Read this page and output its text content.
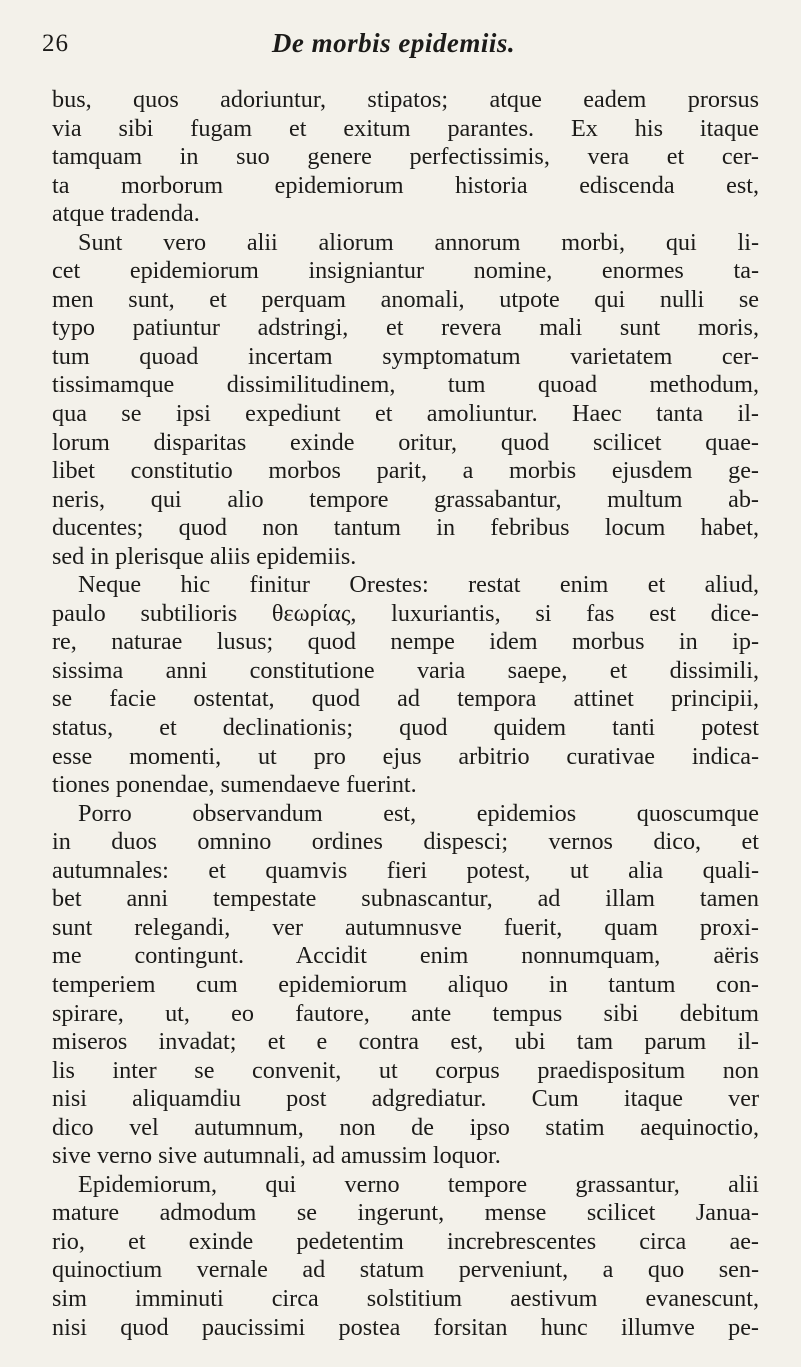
26	De morbis epidemiis.
bus, quos adoriuntur, stipatos; atque eadem prorsus
via sibi fugam et exitum parantes. Ex his itaque
tamquam in suo genere perfectissimis, vera et cer-
ta morborum epidemiorum historia ediscenda est,
atque tradenda.
Sunt vero alii aliorum annorum morbi, qui li-
cet epidemiorum insigniantur nomine, enormes ta-
men sunt, et perquam anomali, utpote qui nulli se
typo patiuntur adstringi, et revera mali sunt moris,
tum quoad incertam symptomatum varietatem cer-
tissimamque dissimilitudinem, tum quoad methodum,
qua se ipsi expediunt et amoliuntur. Haec tanta il-
lorum disparitas exinde oritur, quod scilicet quae-
libet constitutio morbos parit, a morbis ejusdem ge-
neris, qui alio tempore grassabantur, multum ab-
ducentes; quod non tantum in febribus locum habet,
sed in plerisque aliis epidemiis.
Neque hic finitur Orestes: restat enim et aliud,
paulo subtilioris θεωρίας, luxuriantis, si fas est dice-
re, naturae lusus; quod nempe idem morbus in ip-
sissima anni constitutione varia saepe, et dissimili,
se facie ostentat, quod ad tempora attinet principii,
status, et declinationis; quod quidem tanti potest
esse momenti, ut pro ejus arbitrio curativae indica-
tiones ponendae, sumendaeve fuerint.
Porro observandum est, epidemios quoscumque
in duos omnino ordines dispesci; vernos dico, et
autumnales: et quamvis fieri potest, ut alia quali-
bet anni tempestate subnascantur, ad illam tamen
sunt relegandi, ver autumnusve fuerit, quam proxi-
me contingunt. Accidit enim nonnumquam, aëris
temperiem cum epidemiorum aliquo in tantum con-
spirare, ut, eo fautore, ante tempus sibi debitum
miseros invadat; et e contra est, ubi tam parum il-
lis inter se convenit, ut corpus praedispositum non
nisi aliquamdiu post adgrediatur. Cum itaque ver
dico vel autumnum, non de ipso statim aequinoctio,
sive verno sive autumnali, ad amussim loquor.
Epidemiorum, qui verno tempore grassantur, alii
mature admodum se ingerunt, mense scilicet Janua-
rio, et exinde pedetentim increbrescentes circa ae-
quinoctium vernale ad statum perveniunt, a quo sen-
sim imminuti circa solstitium aestivum evanescunt,
nisi quod paucissimi postea forsitan hunc illumve pe-
